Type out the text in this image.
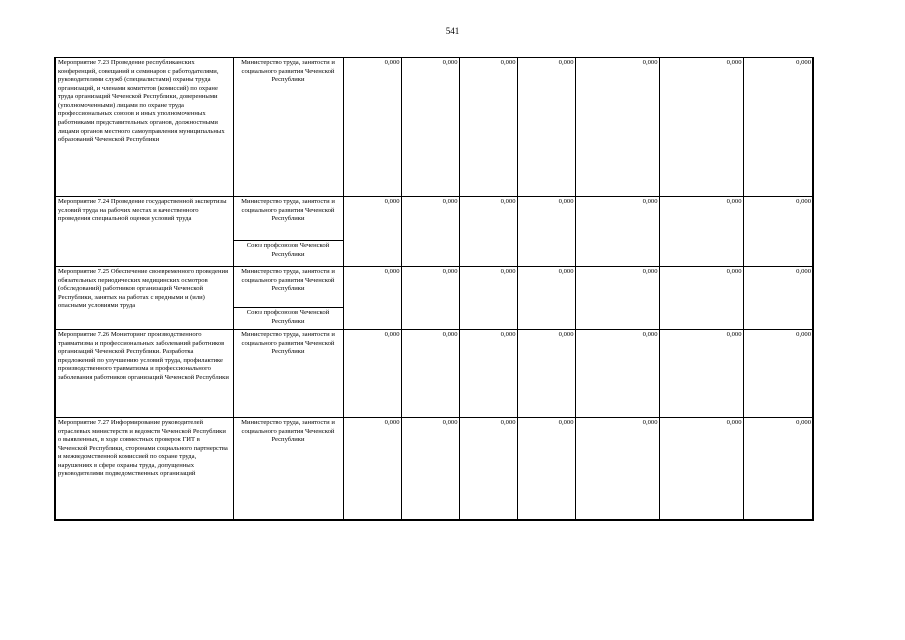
541
Мероприятие 7.23 Проведение республиканских конференций, совещаний и семинаров с работодателями, руководителями служб (специалистами) охраны труда организаций, и членами комитетов (комиссий) по охране труда организаций Чеченской Республики, доверенными (уполномоченными) лицами по охране труда профессиональных союзов и иных уполномоченных работниками представительных органов, должностными лицами органов местного самоуправления муниципальных образований Чеченской Республики	Министерство труда, занятости и социального развития Чеченской Республики	0,000	0,000	0,000	0,000	0,000	0,000	0,000
Мероприятие 7.24 Проведение государственной экспертизы условий труда на рабочих местах и качественного проведения специальной оценки условий труда	Министерство труда, занятости и социального развития Чеченской Республики	0,000	0,000	0,000	0,000	0,000	0,000	0,000
	Союз профсоюзов Чеченской Республики							
Мероприятие 7.25 Обеспечение своевременного проведения обязательных периодических медицинских осмотров (обследований) работников организаций Чеченской Республики, занятых на работах с вредными и (или) опасными условиями труда	Министерство труда, занятости и социального развития Чеченской Республики	0,000	0,000	0,000	0,000	0,000	0,000	0,000
	Союз профсоюзов Чеченской Республики							
Мероприятие 7.26 Мониторинг производственного травматизма и профессиональных заболеваний работников организаций Чеченской Республики. Разработка предложений по улучшению условий труда, профилактике производственного травматизма и профессионального заболевания работников организаций Чеченской Республики	Министерство труда, занятости и социального развития Чеченской Республики	0,000	0,000	0,000	0,000	0,000	0,000	0,000
Мероприятие 7.27 Информирование руководителей отраслевых министерств и ведомств Чеченской Республики о выявленных, в ходе совместных проверок ГИТ в Чеченской Республики, сторонами социального партнерства и межведомственной комиссией по охране труда, нарушениях в сфере охраны труда, допущенных руководителями подведомственных организаций	Министерство труда, занятости и социального развития Чеченской Республики	0,000	0,000	0,000	0,000	0,000	0,000	0,000
